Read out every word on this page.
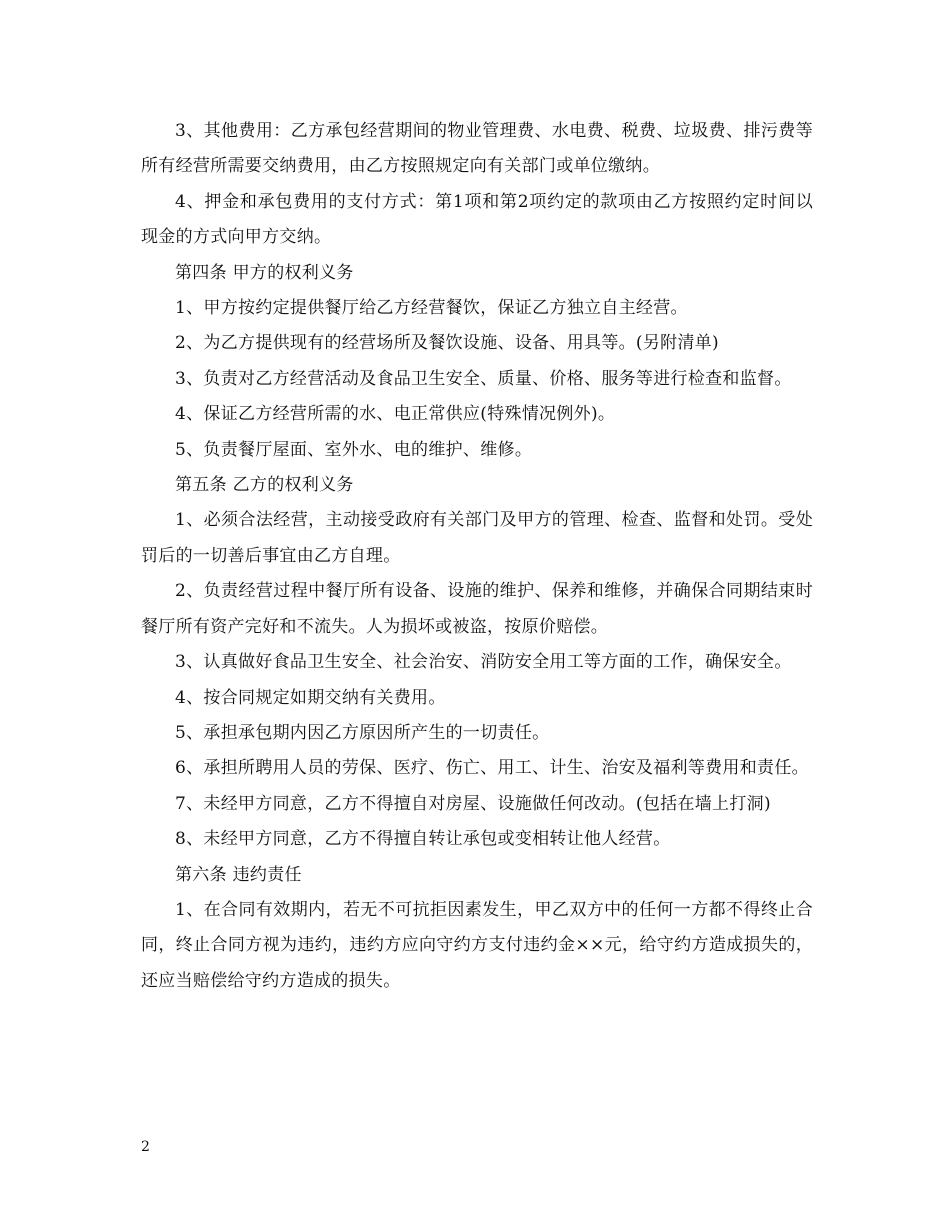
3、其他费用：乙方承包经营期间的物业管理费、水电费、税费、垃圾费、排污费等所有经营所需要交纳费用，由乙方按照规定向有关部门或单位缴纳。

4、押金和承包费用的支付方式：第1项和第2项约定的款项由乙方按照约定时间以现金的方式向甲方交纳。

第四条 甲方的权利义务

1、甲方按约定提供餐厅给乙方经营餐饮，保证乙方独立自主经营。

2、为乙方提供现有的经营场所及餐饮设施、设备、用具等。(另附清单)

3、负责对乙方经营活动及食品卫生安全、质量、价格、服务等进行检查和监督。

4、保证乙方经营所需的水、电正常供应(特殊情况例外)。

5、负责餐厅屋面、室外水、电的维护、维修。

第五条 乙方的权利义务

1、必须合法经营，主动接受政府有关部门及甲方的管理、检查、监督和处罚。受处罚后的一切善后事宜由乙方自理。

2、负责经营过程中餐厅所有设备、设施的维护、保养和维修，并确保合同期结束时餐厅所有资产完好和不流失。人为损坏或被盗，按原价赔偿。

3、认真做好食品卫生安全、社会治安、消防安全用工等方面的工作，确保安全。

4、按合同规定如期交纳有关费用。

5、承担承包期内因乙方原因所产生的一切责任。

6、承担所聘用人员的劳保、医疗、伤亡、用工、计生、治安及福利等费用和责任。

7、未经甲方同意，乙方不得擅自对房屋、设施做任何改动。(包括在墙上打洞)

8、未经甲方同意，乙方不得擅自转让承包或变相转让他人经营。

第六条 违约责任

1、在合同有效期内，若无不可抗拒因素发生，甲乙双方中的任何一方都不得终止合同，终止合同方视为违约，违约方应向守约方支付违约金××元，给守约方造成损失的，还应当赔偿给守约方造成的损失。

2
